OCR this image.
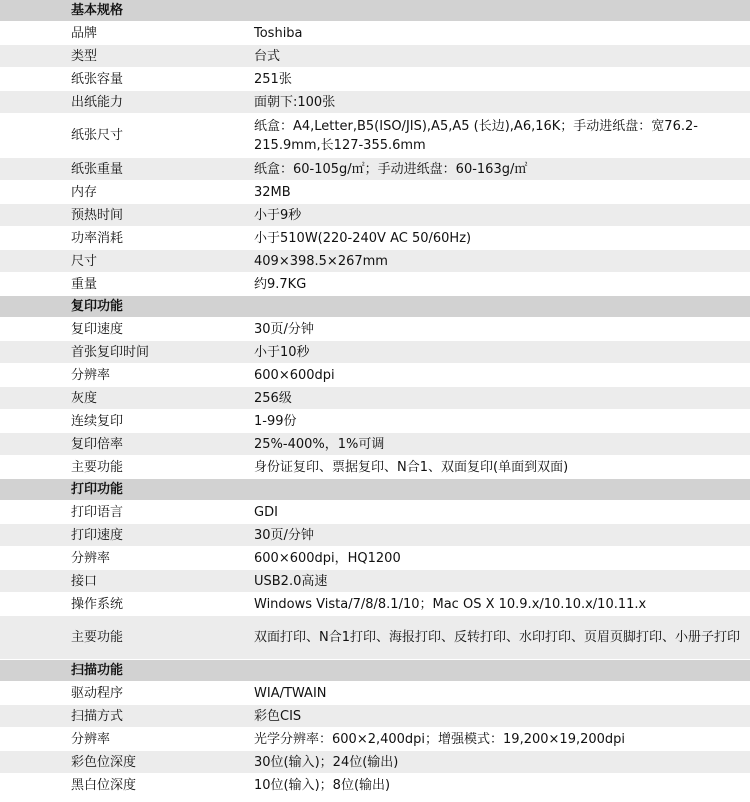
基本规格	
品牌	Toshiba
类型	台式
纸张容量	251张
出纸能力	面朝下:100张
纸张尺寸	纸盒：A4,Letter,B5(ISO/JIS),A5,A5 (长边),A6,16K；手动进纸盘：宽76.2-215.9mm,长127-355.6mm
纸张重量	纸盒：60-105g/㎡；手动进纸盘：60-163g/㎡
内存	32MB
预热时间	小于9秒
功率消耗	小于510W(220-240V AC 50/60Hz)
尺寸	409×398.5×267mm
重量	约9.7KG
复印功能	
复印速度	30页/分钟
首张复印时间	小于10秒
分辨率	600×600dpi
灰度	256级
连续复印	1-99份
复印倍率	25%-400%，1%可调
主要功能	身份证复印、票据复印、N合1、双面复印(单面到双面)
打印功能	
打印语言	GDI
打印速度	30页/分钟
分辨率	600×600dpi，HQ1200
接口	USB2.0高速
操作系统	Windows Vista/7/8/8.1/10；Mac OS X 10.9.x/10.10.x/10.11.x
主要功能	双面打印、N合1打印、海报打印、反转打印、水印打印、页眉页脚打印、小册子打印
扫描功能	
驱动程序	WIA/TWAIN
扫描方式	彩色CIS
分辨率	光学分辨率：600×2,400dpi；增强模式：19,200×19,200dpi
彩色位深度	30位(输入)；24位(输出)
黑白位深度	10位(输入)；8位(输出)
